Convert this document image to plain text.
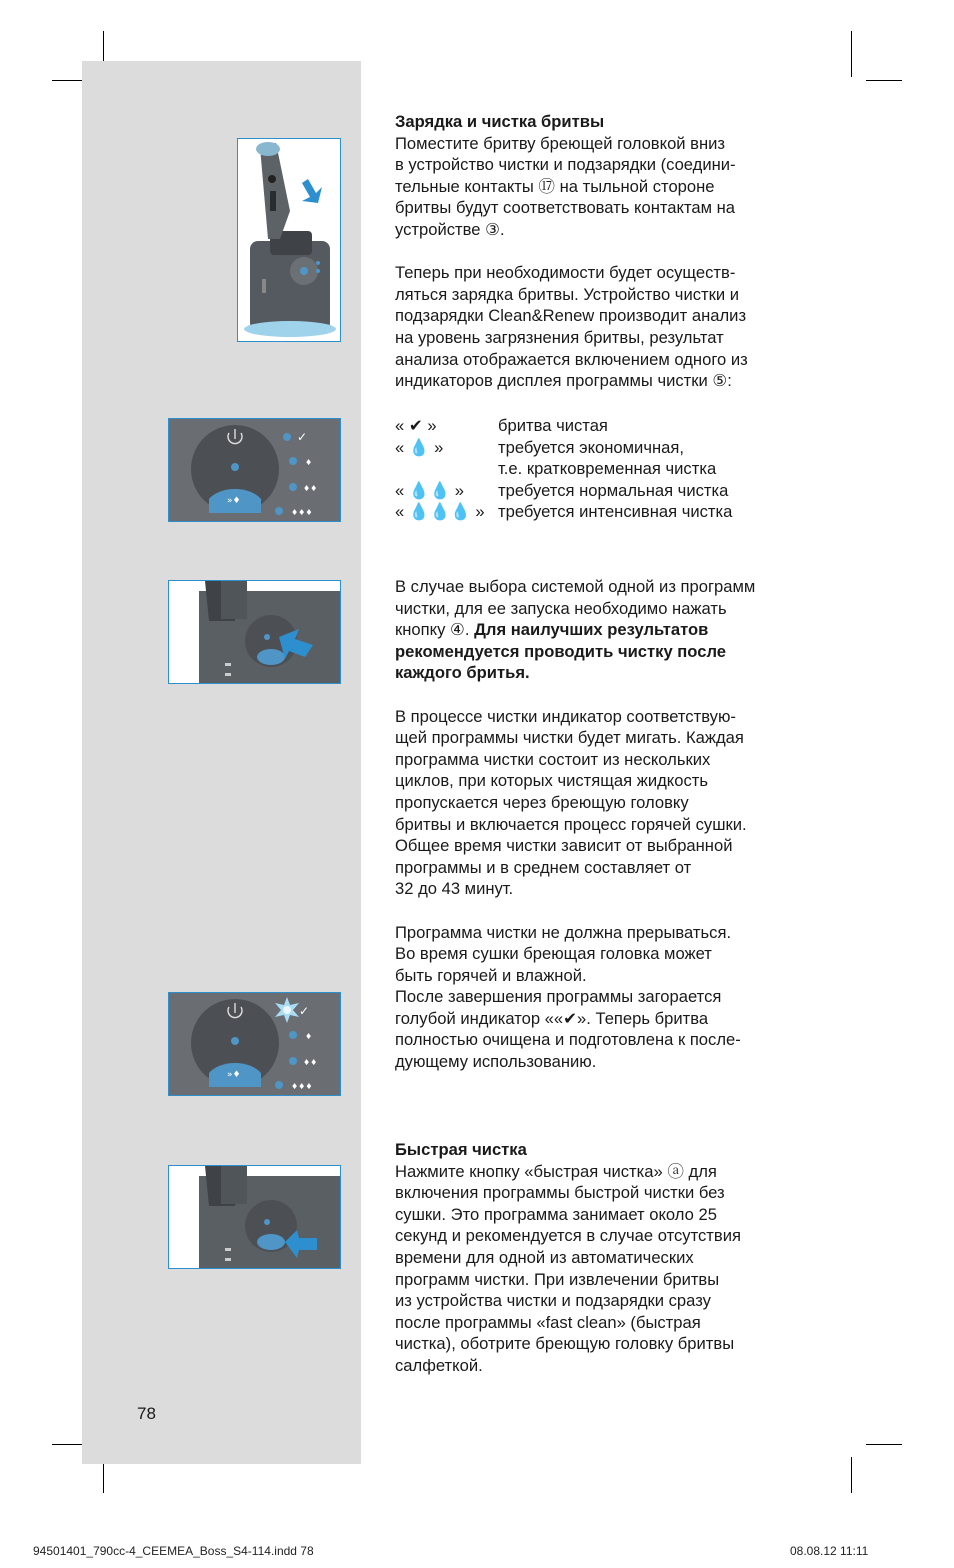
»♦
✓
♦
♦♦
♦♦♦
»♦
✓
♦
♦♦
♦♦♦

Зарядка и чистка бритвы

Поместите бритву бреющей головкой вниз

в устройство чистки и подзарядки (соедини-

тельные контакты ⑰ на тыльной стороне

бритвы будут соответствовать контактам на

устройстве ③.

Теперь при необходимости будет осуществ-

ляться зарядка бритвы. Устройство чистки и

подзарядки Clean&Renew производит анализ

на уровень загрязнения бритвы, результат

анализа отображается включением одного из

индикаторов дисплея программы чистки ⑤:

« ✔ »	бритва чистая
« 💧 »	требуется экономичная,
т.е. кратковременная чистка
« 💧💧 » требуется нормальная чистка
« 💧💧💧 » требуется интенсивная чистка

В случае выбора системой одной из программ

чистки, для ее запуска необходимо нажать

кнопку ④. Для наилучших результатов

рекомендуется проводить чистку после

каждого бритья.

В процессе чистки индикатор соответствую-

щей программы чистки будет мигать. Каждая

программа чистки состоит из нескольких

циклов, при которых чистящая жидкость

пропускается через бреющую головку

бритвы и включается процесс горячей сушки.

Общее время чистки зависит от выбранной

программы и в среднем составляет от

32 до 43 минут.

Программа чистки не должна прерываться.

Во время сушки бреющая головка может

быть горячей и влажной.

После завершения программы загорается

голубой индикатор ««✔». Теперь бритва

полностью очищена и подготовлена к после-

дующему использованию.

Быстрая чистка

Нажмите кнопку «быстрая чистка» ⓐ для

включения программы быстрой чистки без

сушки. Это программа занимает около 25

секунд и рекомендуется в случае отсутствия

времени для одной из автоматических

программ чистки. При извлечении бритвы

из устройства чистки и подзарядки сразу

после программы «fast clean» (быстрая

чистка), оботрите бреющую головку бритвы

салфеткой.

78
94501401_790cc-4_CEEMEA_Boss_S4-114.indd 78	08.08.12 11:11
